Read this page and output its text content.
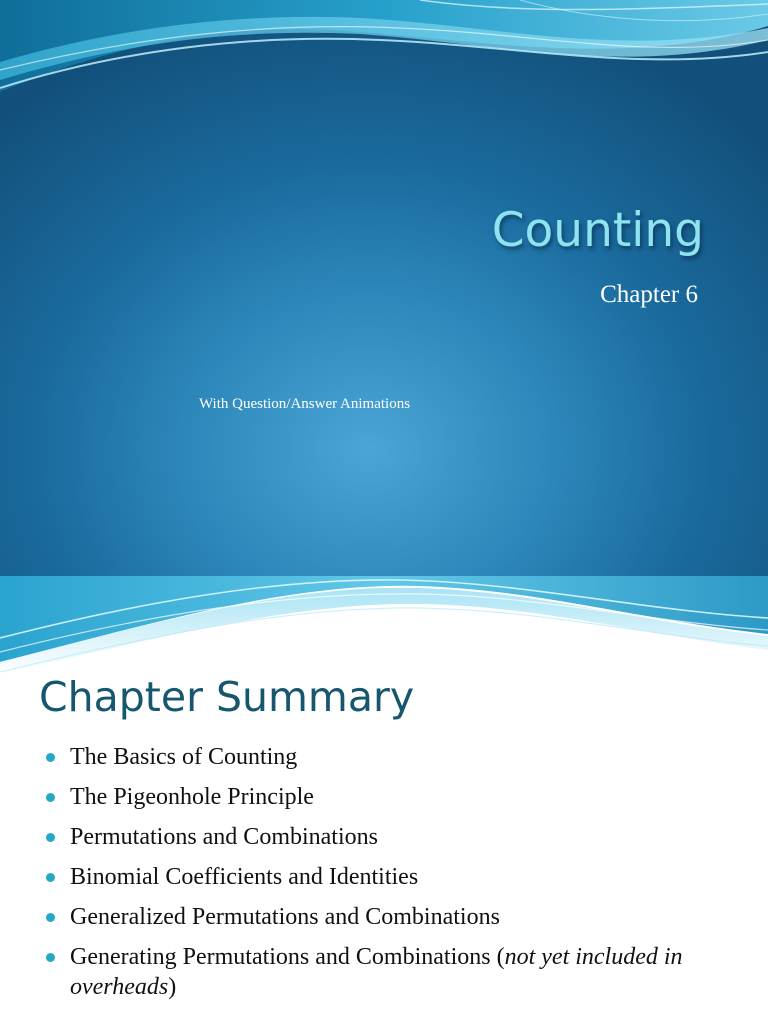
Counting
Chapter 6
With Question/Answer Animations
Chapter Summary
The Basics of Counting
The Pigeonhole Principle
Permutations and Combinations
Binomial Coefficients and Identities
Generalized Permutations and Combinations
Generating Permutations and Combinations (not yet included in overheads)
